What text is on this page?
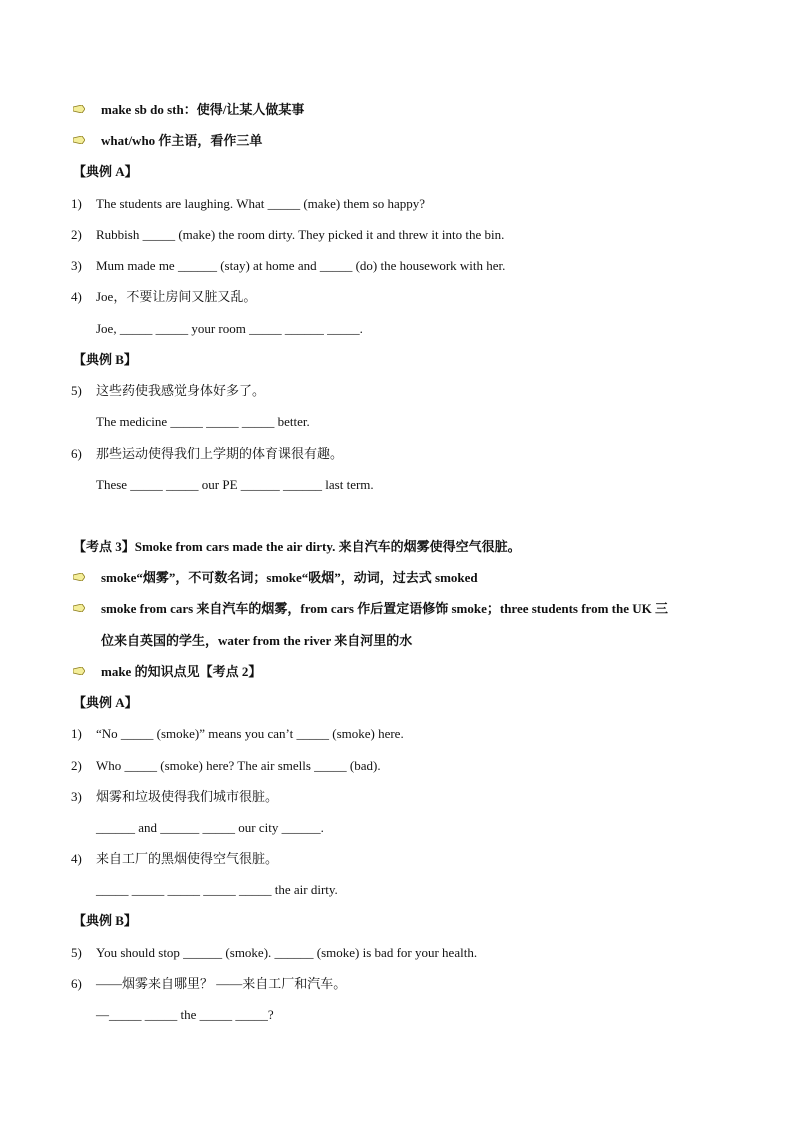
make sb do sth：使得/让某人做某事
what/who 作主语，看作三单
【典例 A】
1) The students are laughing. What _____ (make) them so happy?
2) Rubbish _____ (make) the room dirty. They picked it and threw it into the bin.
3) Mum made me ______ (stay) at home and _____ (do) the housework with her.
4) Joe，不要让房间又脏又乱。
Joe, _____ _____ your room _____ ______ _____.
【典例 B】
5) 这些药使我感觉身体好多了。
The medicine _____ _____ _____ better.
6) 那些运动使得我们上学期的体育课很有趣。
These _____ _____ our PE ______ ______ last term.
【考点 3】Smoke from cars made the air dirty. 来自汽车的烟雾使得空气很脏。
smoke“烟雾”，不可数名词；smoke“吸烟”，动词，过去式 smoked
smoke from cars 来自汽车的烟雾，from cars 作后置定语修饰 smoke；three students from the UK 三
位来自英国的学生，water from the river 来自河里的水
make 的知识点见【考点 2】
【典例 A】
1) “No _____ (smoke)” means you can’t _____ (smoke) here.
2) Who _____ (smoke) here? The air smells _____ (bad).
3) 烟雾和垃圾使得我们城市很脏。
______ and ______ _____ our city ______.
4) 来自工厂的黑烟使得空气很脏。
_____ _____ _____ _____ _____ the air dirty.
【典例 B】
5) You should stop ______ (smoke). ______ (smoke) is bad for your health.
6) ——烟雾来自哪里？ ——来自工厂和汽车。
—_____ _____ the _____ _____?
